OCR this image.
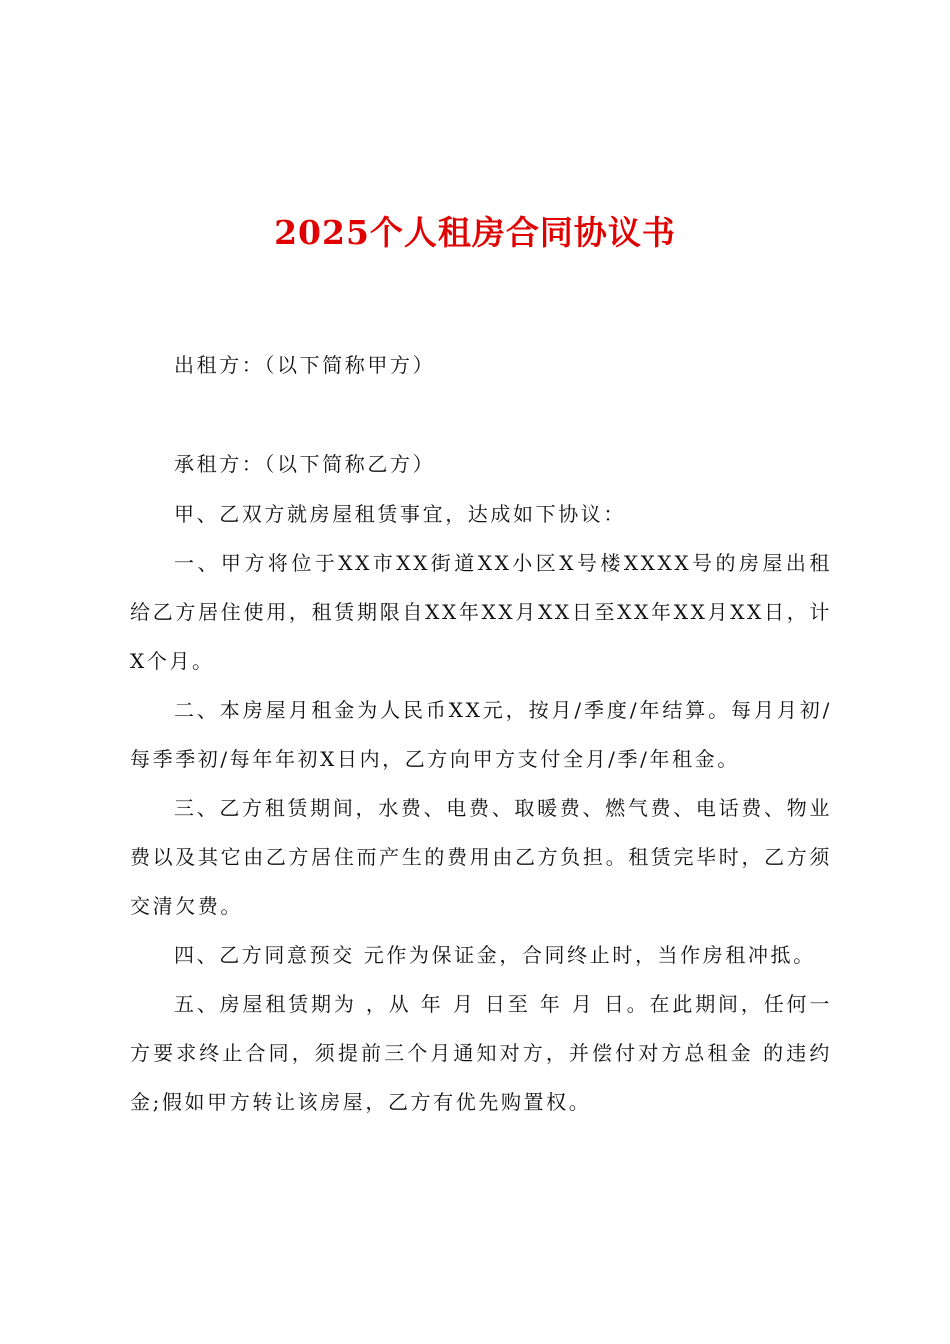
2025个人租房合同协议书

出租方：（以下简称甲方）

承租方：（以下简称乙方）

甲、乙双方就房屋租赁事宜，达成如下协议：

一、甲方将位于XX市XX街道XX小区X号楼XXXX号的房屋出租给乙方居住使用，租赁期限自XX年XX月XX日至XX年XX月XX日，计X个月。

二、本房屋月租金为人民币XX元，按月/季度/年结算。每月月初/每季季初/每年年初X日内，乙方向甲方支付全月/季/年租金。

三、乙方租赁期间，水费、电费、取暖费、燃气费、电话费、物业费以及其它由乙方居住而产生的费用由乙方负担。租赁完毕时，乙方须交清欠费。

四、乙方同意预交 元作为保证金，合同终止时，当作房租冲抵。

五、房屋租赁期为 ，从 年 月 日至 年 月 日。在此期间，任何一方要求终止合同，须提前三个月通知对方，并偿付对方总租金 的违约金;假如甲方转让该房屋，乙方有优先购置权。
